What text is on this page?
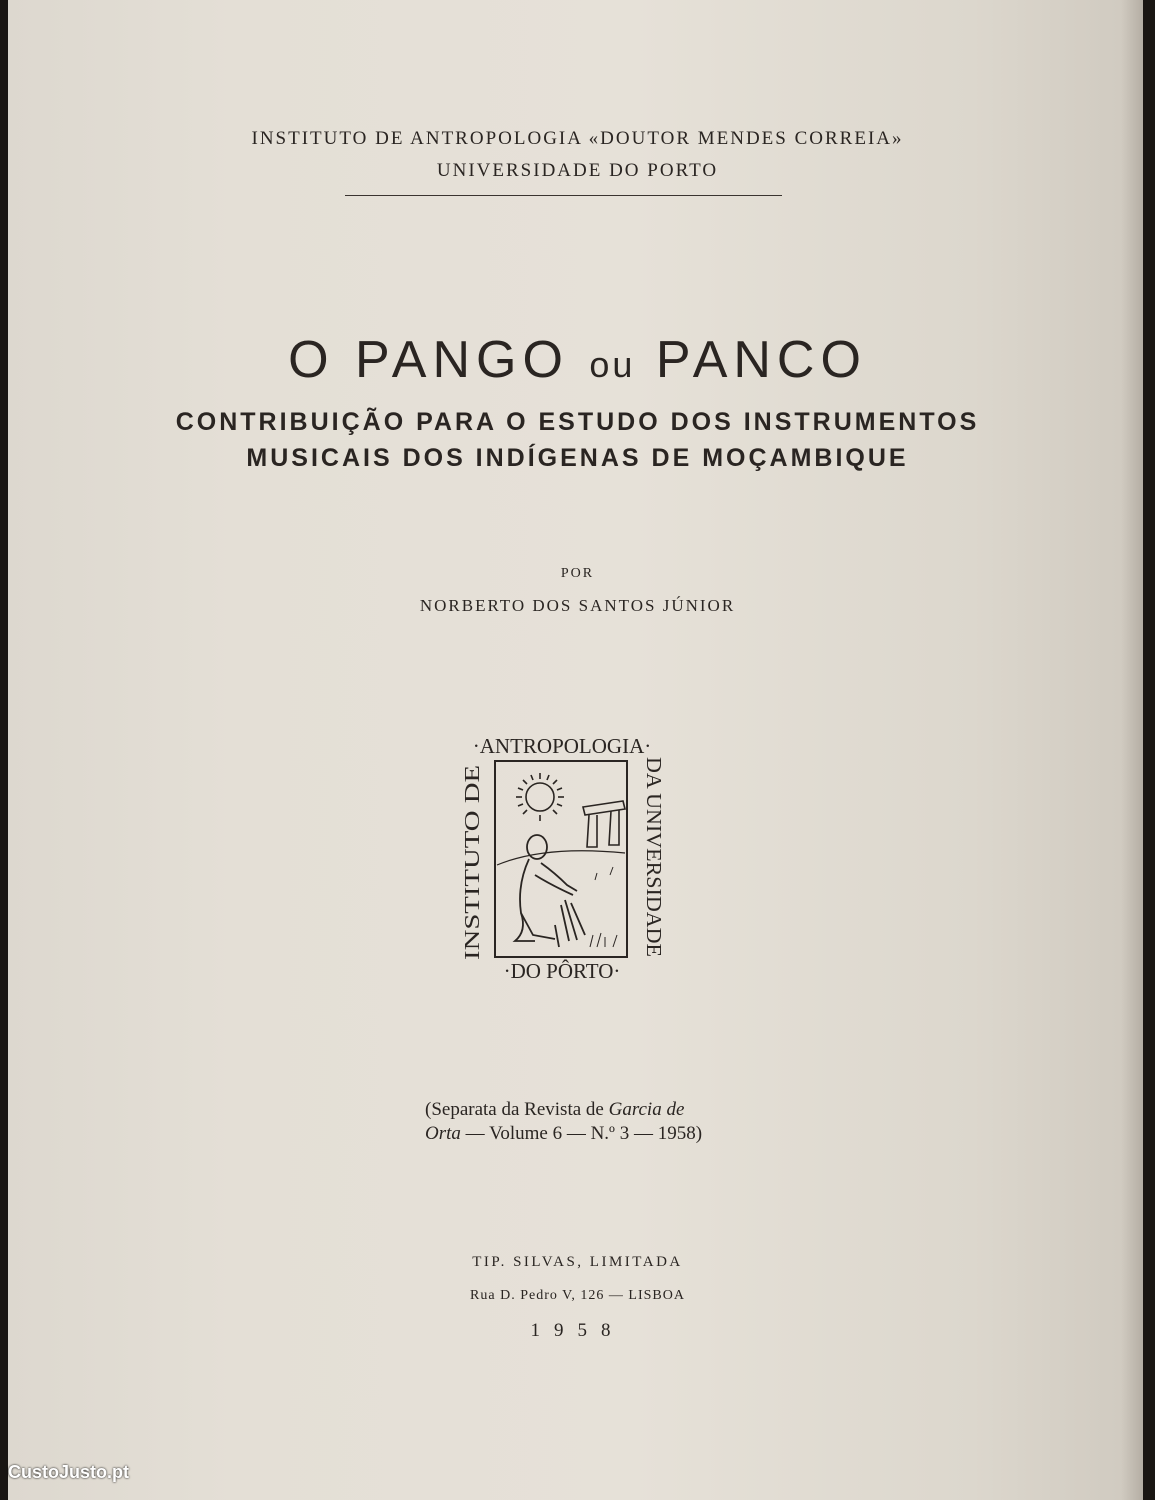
INSTITUTO DE ANTROPOLOGIA «DOUTOR MENDES CORREIA»
UNIVERSIDADE DO PORTO
O PANGO ou PANCO
CONTRIBUIÇÃO PARA O ESTUDO DOS INSTRUMENTOS
MUSICAIS DOS INDÍGENAS DE MOÇAMBIQUE
POR
NORBERTO DOS SANTOS JÚNIOR
·ANTROPOLOGIA·
·DO PÔRTO·
INSTITUTO DE	DA UNIVERSIDADE
(Separata da Revista de Garcia de
Orta — Volume 6 — N.º 3 — 1958)
TIP. SILVAS, LIMITADA
Rua D. Pedro V, 126 — LISBOA
1958
CustoJusto.pt
